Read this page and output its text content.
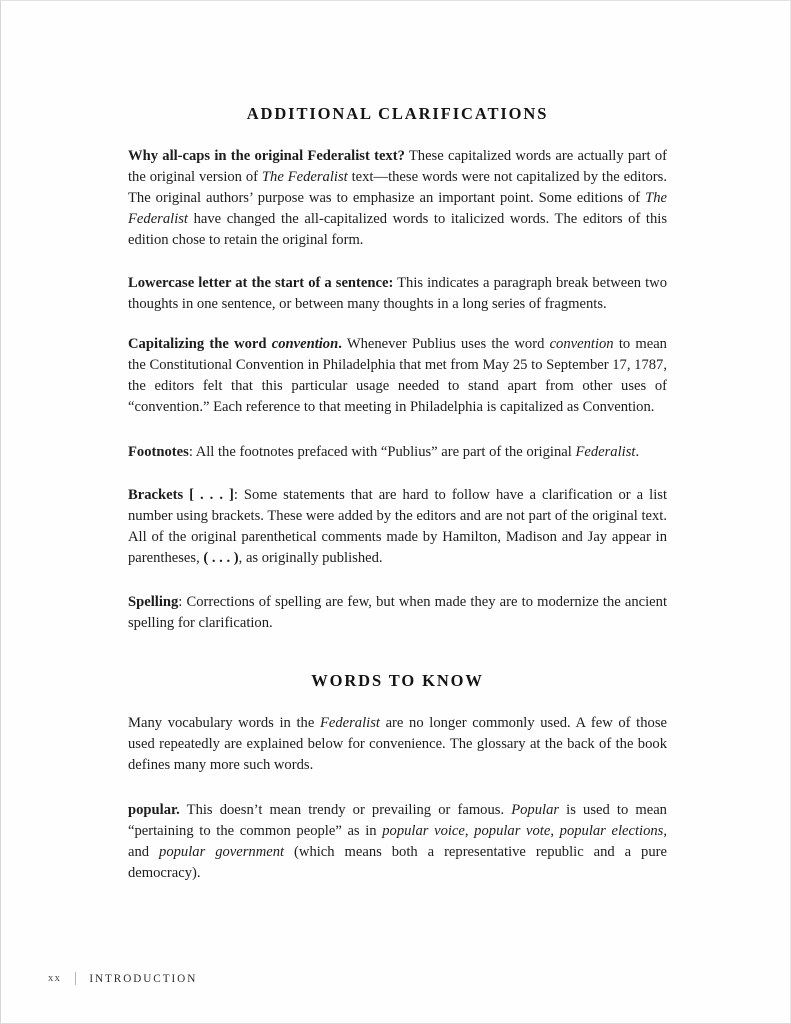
ADDITIONAL CLARIFICATIONS

Why all-caps in the original Federalist text? These capitalized words are actually part of the original version of The Federalist text—these words were not capitalized by the editors. The original authors’ purpose was to emphasize an important point. Some editions of The Federalist have changed the all-capitalized words to italicized words. The editors of this edition chose to retain the original form.

Lowercase letter at the start of a sentence: This indicates a paragraph break between two thoughts in one sentence, or between many thoughts in a long series of fragments.

Capitalizing the word convention. Whenever Publius uses the word convention to mean the Constitutional Convention in Philadelphia that met from May 25 to September 17, 1787, the editors felt that this particular usage needed to stand apart from other uses of “convention.” Each reference to that meeting in Philadelphia is capitalized as Convention.

Footnotes: All the footnotes prefaced with “Publius” are part of the original Federalist.

Brackets [ . . . ]: Some statements that are hard to follow have a clarification or a list number using brackets. These were added by the editors and are not part of the original text. All of the original parenthetical comments made by Hamilton, Madison and Jay appear in parentheses, ( . . . ), as originally published.

Spelling: Corrections of spelling are few, but when made they are to modernize the ancient spelling for clarification.

WORDS TO KNOW

Many vocabulary words in the Federalist are no longer commonly used. A few of those used repeatedly are explained below for convenience. The glossary at the back of the book defines many more such words.

popular. This doesn’t mean trendy or prevailing or famous. Popular is used to mean “pertaining to the common people” as in popular voice, popular vote, popular elections, and popular government (which means both a representative republic and a pure democracy).

xx	INTRODUCTION
